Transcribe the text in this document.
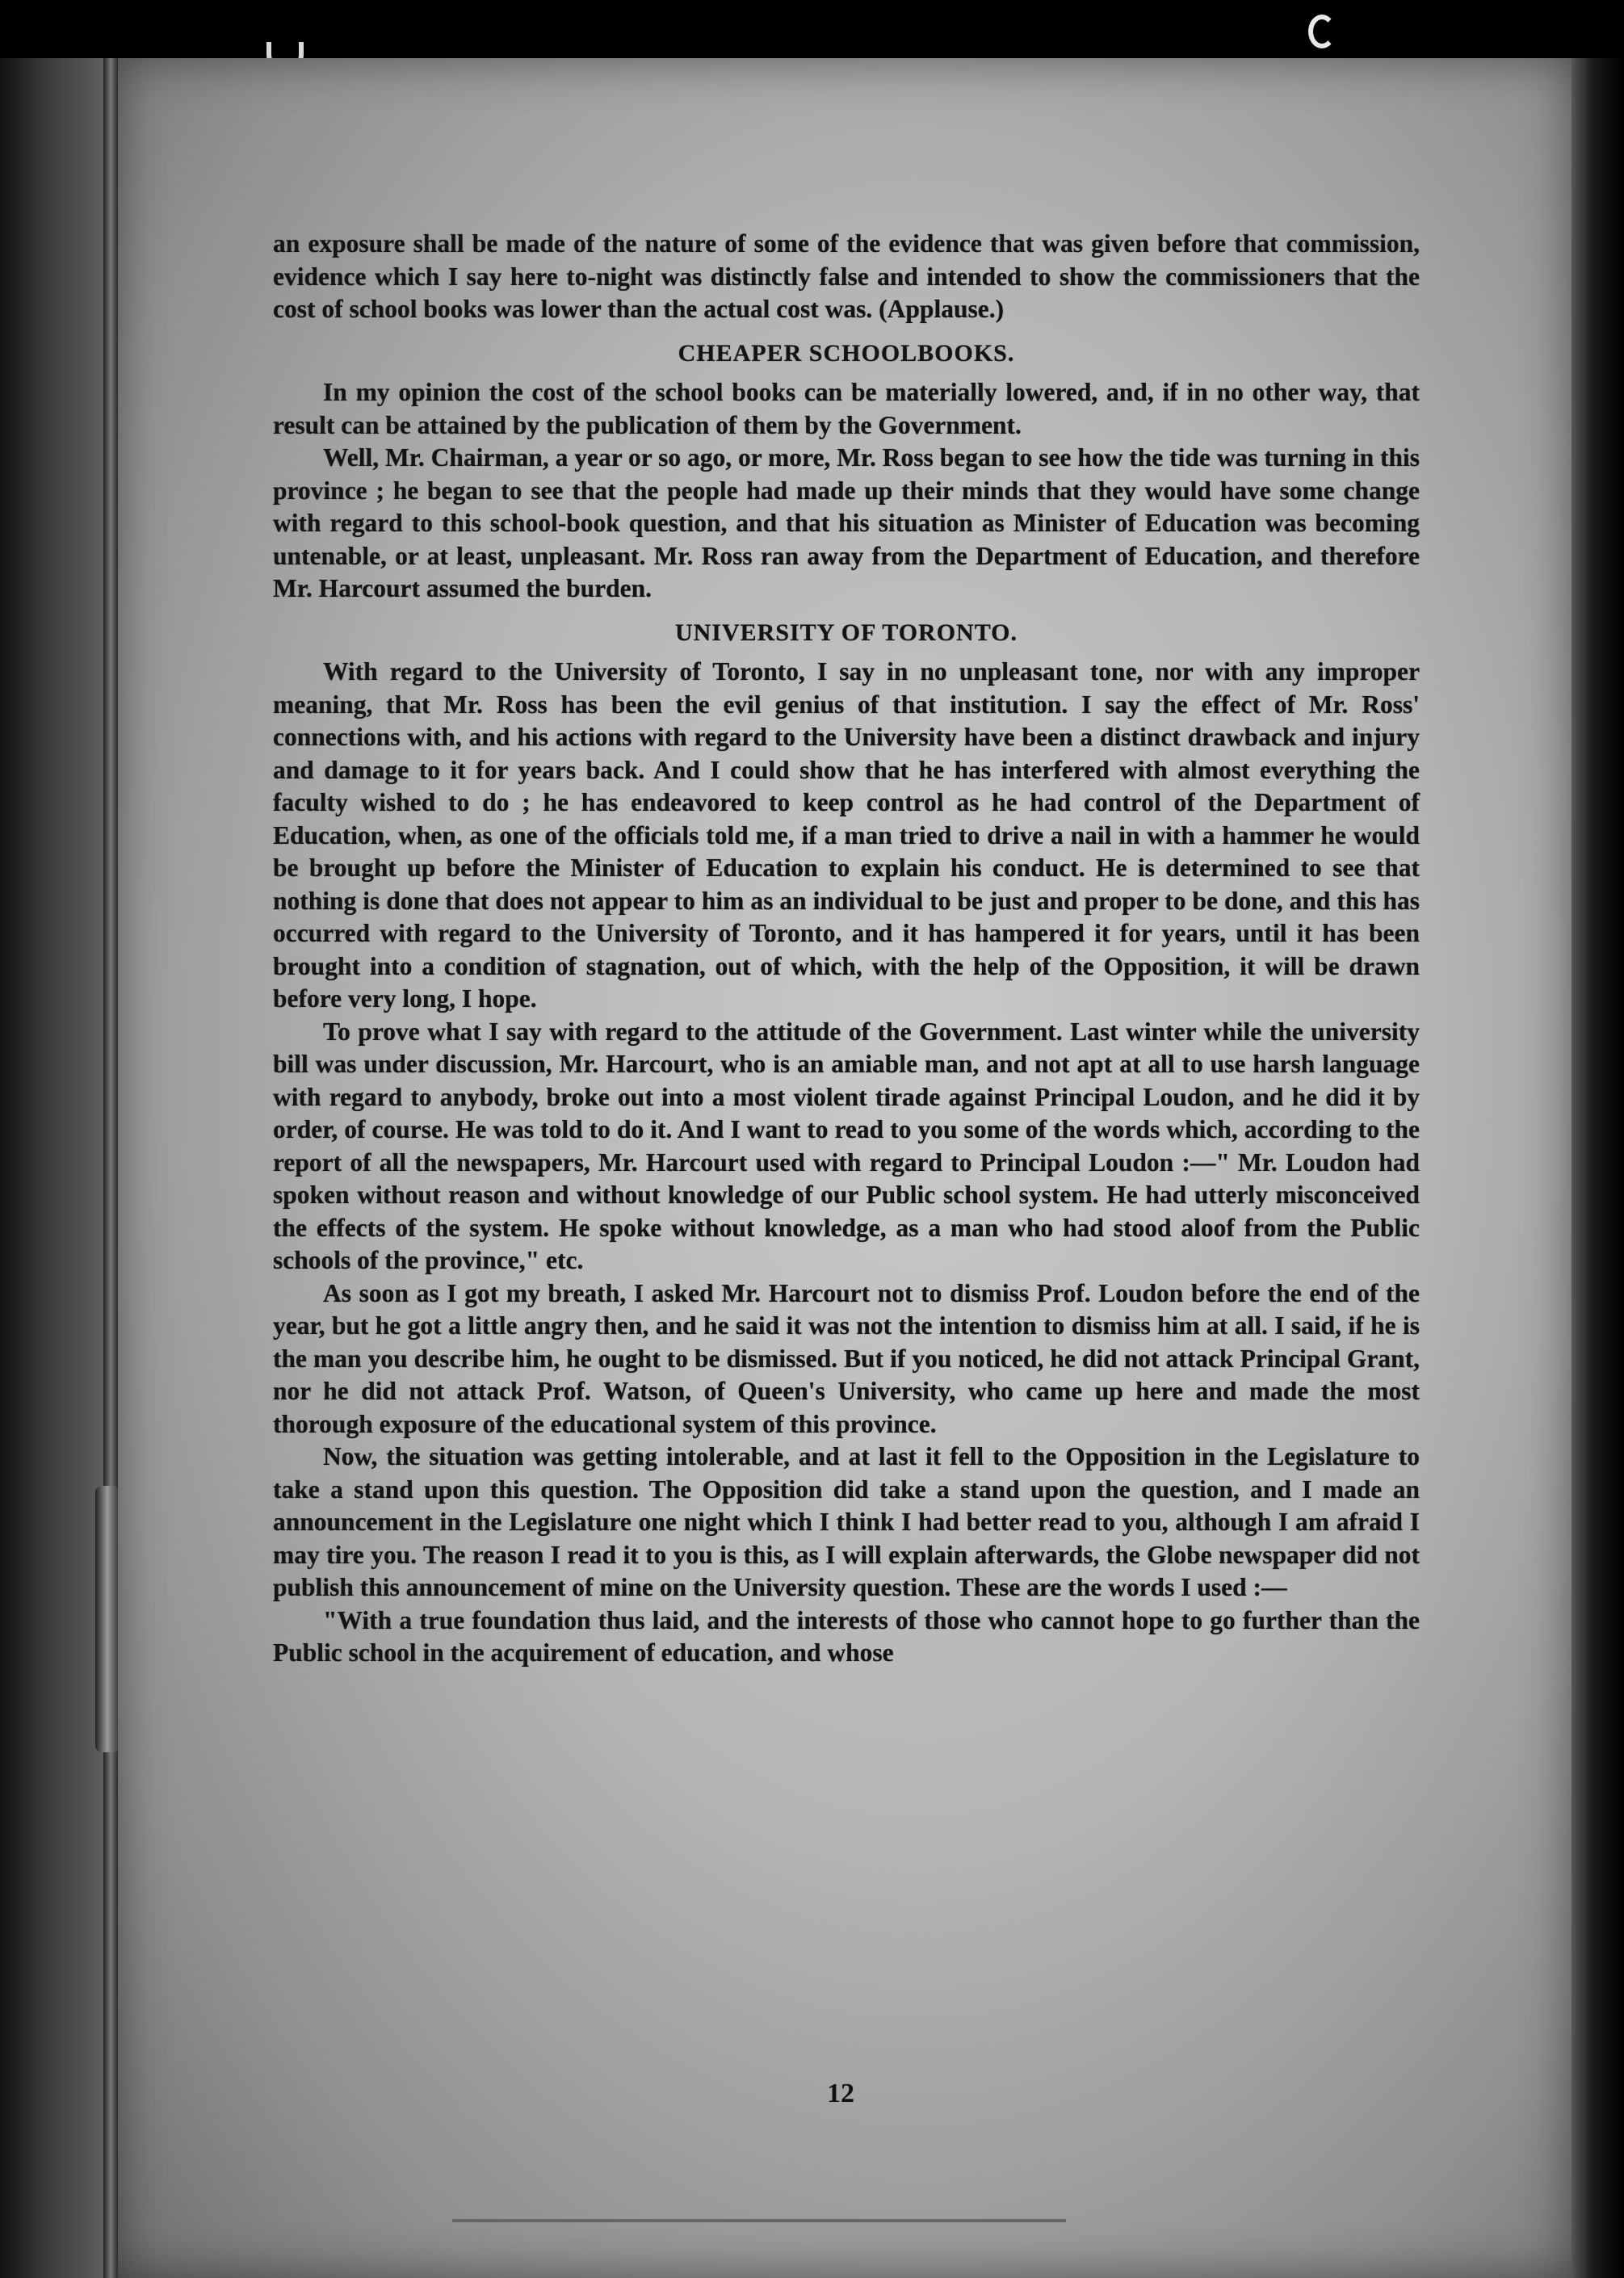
an exposure shall be made of the nature of some of the evidence that was given before that commission, evidence which I say here to-night was distinctly false and intended to show the commissioners that the cost of school books was lower than the actual cost was. (Applause.)

CHEAPER SCHOOLBOOKS.

In my opinion the cost of the school books can be materially lowered, and, if in no other way, that result can be attained by the publication of them by the Government.

Well, Mr. Chairman, a year or so ago, or more, Mr. Ross began to see how the tide was turning in this province ; he began to see that the people had made up their minds that they would have some change with regard to this school-book question, and that his situation as Minister of Education was becoming untenable, or at least, unpleasant. Mr. Ross ran away from the Department of Education, and therefore Mr. Harcourt assumed the burden.

UNIVERSITY OF TORONTO.

With regard to the University of Toronto, I say in no unpleasant tone, nor with any improper meaning, that Mr. Ross has been the evil genius of that institution. I say the effect of Mr. Ross' connections with, and his actions with regard to the University have been a distinct drawback and injury and damage to it for years back. And I could show that he has interfered with almost everything the faculty wished to do ; he has endeavored to keep control as he had control of the Department of Education, when, as one of the officials told me, if a man tried to drive a nail in with a hammer he would be brought up before the Minister of Education to explain his conduct. He is determined to see that nothing is done that does not appear to him as an individual to be just and proper to be done, and this has occurred with regard to the University of Toronto, and it has hampered it for years, until it has been brought into a condition of stagnation, out of which, with the help of the Opposition, it will be drawn before very long, I hope.

To prove what I say with regard to the attitude of the Government. Last winter while the university bill was under discussion, Mr. Harcourt, who is an amiable man, and not apt at all to use harsh language with regard to anybody, broke out into a most violent tirade against Principal Loudon, and he did it by order, of course. He was told to do it. And I want to read to you some of the words which, according to the report of all the newspapers, Mr. Harcourt used with regard to Principal Loudon :—" Mr. Loudon had spoken without reason and without knowledge of our Public school system. He had utterly misconceived the effects of the system. He spoke without knowledge, as a man who had stood aloof from the Public schools of the province," etc.

As soon as I got my breath, I asked Mr. Harcourt not to dismiss Prof. Loudon before the end of the year, but he got a little angry then, and he said it was not the intention to dismiss him at all. I said, if he is the man you describe him, he ought to be dismissed. But if you noticed, he did not attack Principal Grant, nor he did not attack Prof. Watson, of Queen's University, who came up here and made the most thorough exposure of the educational system of this province.

Now, the situation was getting intolerable, and at last it fell to the Opposition in the Legislature to take a stand upon this question. The Opposition did take a stand upon the question, and I made an announcement in the Legislature one night which I think I had better read to you, although I am afraid I may tire you. The reason I read it to you is this, as I will explain afterwards, the Globe newspaper did not publish this announcement of mine on the University question. These are the words I used :—

"With a true foundation thus laid, and the interests of those who cannot hope to go further than the Public school in the acquirement of education, and whose

12
